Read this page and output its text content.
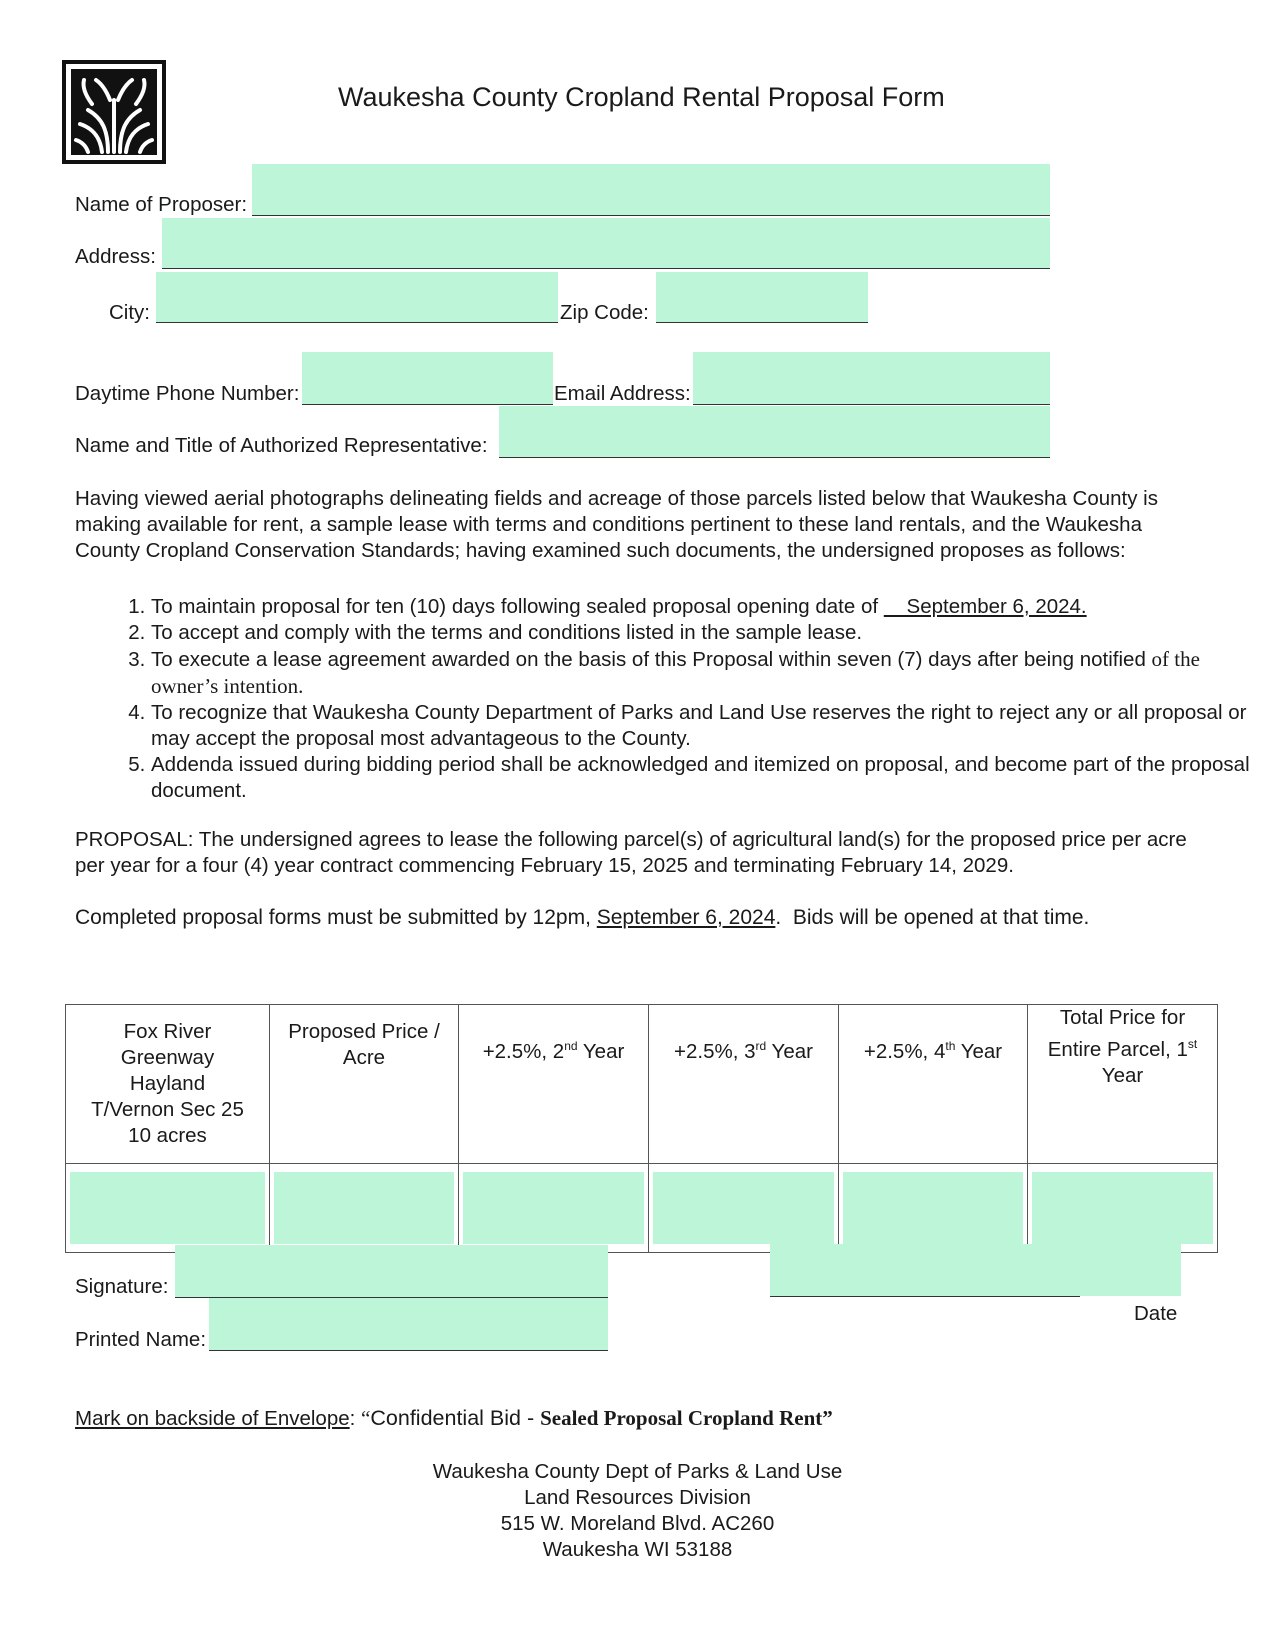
Waukesha County Cropland Rental Proposal Form
Name of Proposer:
Address:
City:	Zip Code:
Daytime Phone Number:	Email Address:
Name and Title of Authorized Representative:
Having viewed aerial photographs delineating fields and acreage of those parcels listed below that Waukesha County is making available for rent, a sample lease with terms and conditions pertinent to these land rentals, and the Waukesha County Cropland Conservation Standards; having examined such documents, the undersigned proposes as follows:
1. To maintain proposal for ten (10) days following sealed proposal opening date of     September 6, 2024.
2. To accept and comply with the terms and conditions listed in the sample lease.
3. To execute a lease agreement awarded on the basis of this Proposal within seven (7) days after being notified of the owner’s intention.
4. To recognize that Waukesha County Department of Parks and Land Use reserves the right to reject any or all proposal or may accept the proposal most advantageous to the County.
5. Addenda issued during bidding period shall be acknowledged and itemized on proposal, and become part of the proposal document.
PROPOSAL: The undersigned agrees to lease the following parcel(s) of agricultural land(s) for the proposed price per acre per year for a four (4) year contract commencing February 15, 2025 and terminating February 14, 2029.
Completed proposal forms must be submitted by 12pm, September 6, 2024.  Bids will be opened at that time.
Fox River
Greenway
Hayland
T/Vernon Sec 25
10 acres	Proposed Price / Acre	+2.5%, 2nd Year	+2.5%, 3rd Year	+2.5%, 4th Year	Total Price for Entire Parcel, 1st Year

Signature:
Date
Printed Name:
Mark on backside of Envelope: “Confidential Bid - Sealed Proposal Cropland Rent”
Waukesha County Dept of Parks & Land Use
Land Resources Division
515 W. Moreland Blvd. AC260
Waukesha WI 53188
